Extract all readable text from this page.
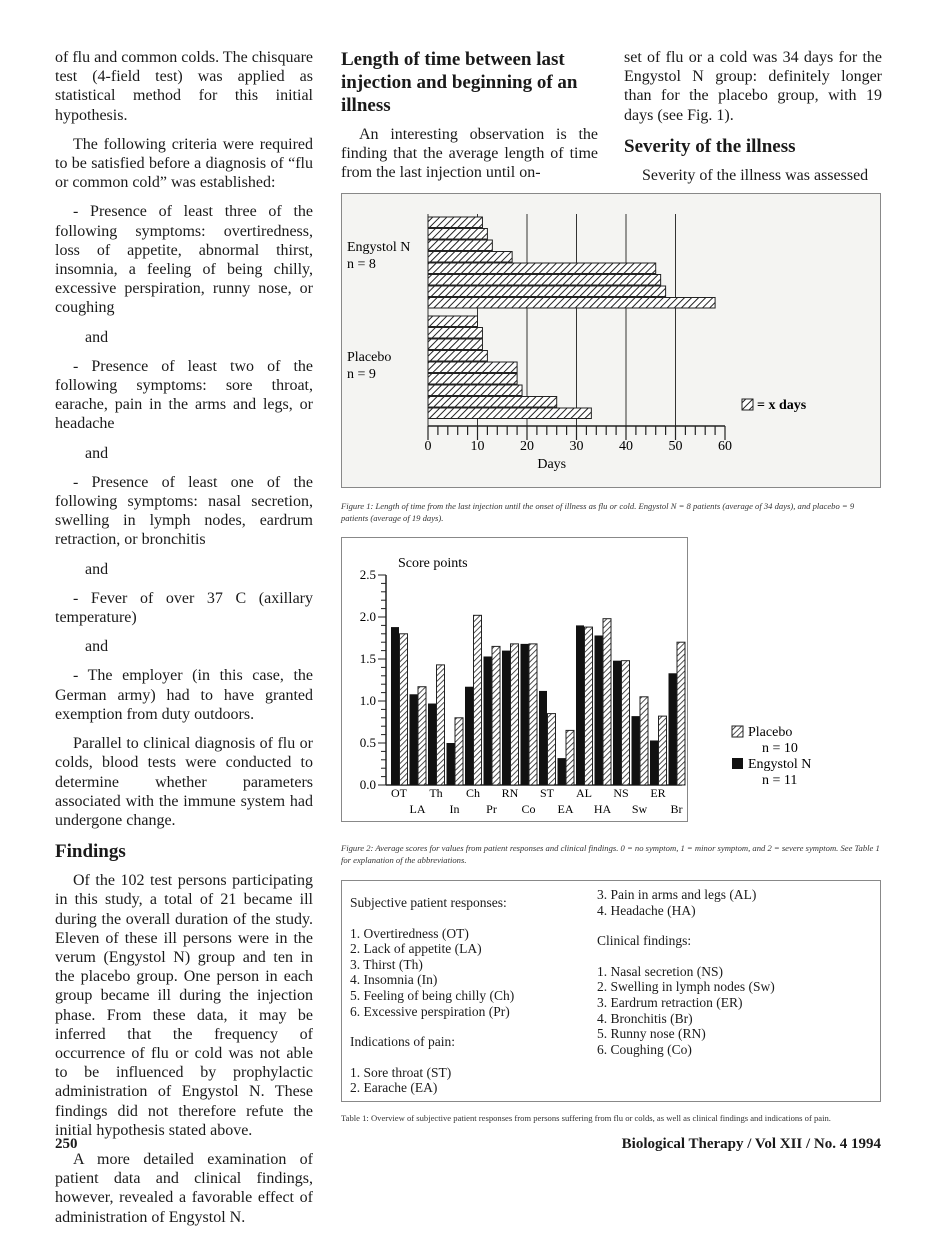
of flu and common colds. The chisquare test (4-field test) was applied as statistical method for this initial hypothesis.

The following criteria were required to be satisfied before a diagnosis of “flu or common cold” was established:

- Presence of least three of the following symptoms: overtiredness, loss of appetite, abnormal thirst, insomnia, a feeling of being chilly, excessive perspiration, runny nose, or coughing

and

- Presence of least two of the following symptoms: sore throat, earache, pain in the arms and legs, or headache

and

- Presence of least one of the following symptoms: nasal secretion, swelling in lymph nodes, eardrum retraction, or bronchitis

and

- Fever of over 37 C (axillary temperature)

and

- The employer (in this case, the German army) had to have granted exemption from duty outdoors.

Parallel to clinical diagnosis of flu or colds, blood tests were conducted to determine whether parameters associated with the immune system had undergone change.

Findings

Of the 102 test persons participating in this study, a total of 21 became ill during the overall duration of the study. Eleven of these ill persons were in the verum (Engystol N) group and ten in the placebo group. One person in each group became ill during the injection phase. From these data, it may be inferred that the frequency of occurrence of flu or cold was not able to be influenced by prophylactic administration of Engystol N. These findings did not therefore refute the initial hypothesis stated above.

A more detailed examination of patient data and clinical findings, however, revealed a favorable effect of administration of Engystol N.

Length of time between last injection and beginning of an illness

An interesting observation is the finding that the average length of time from the last injection until on-

set of flu or a cold was 34 days for the Engystol N group: definitely longer than for the placebo group, with 19 days (see Fig. 1).

Severity of the illness

Severity of the illness was assessed

0	10	20	30	40	50	60
Days
Engystol N
n = 8
Placebo
n = 9
= x days
Figure 1: Length of time from the last injection until the onset of illness as flu or cold. Engystol N = 8 patients (average of 34 days), and placebo = 9 patients (average of 19 days).
0.0
0.5
1.0
1.5
2.0
2.5
Score points
OT
LA
Th
In
Ch
Pr
RN
Co
ST
EA
AL
HA
NS
Sw
ER
Br
Placebo
n = 10
Engystol N
n = 11
Figure 2: Average scores for values from patient responses and clinical findings. 0 = no symptom, 1 = minor symptom, and 2 = severe symptom. See Table 1 for explanation of the abbreviations.
Subjective patient responses:
1. Overtiredness (OT)
2. Lack of appetite (LA)
3. Thirst (Th)
4. Insomnia (In)
5. Feeling of being chilly (Ch)
6. Excessive perspiration (Pr)
Indications of pain:
1. Sore throat (ST)
2. Earache (EA)
3. Pain in arms and legs (AL)
4. Headache (HA)
Clinical findings:
1. Nasal secretion (NS)
2. Swelling in lymph nodes (Sw)
3. Eardrum retraction (ER)
4. Bronchitis (Br)
5. Runny nose (RN)
6. Coughing (Co)
Table 1: Overview of subjective patient responses from persons suffering from flu or colds, as well as clinical findings and indications of pain.
250	Biological Therapy / Vol XII / No. 4 1994
